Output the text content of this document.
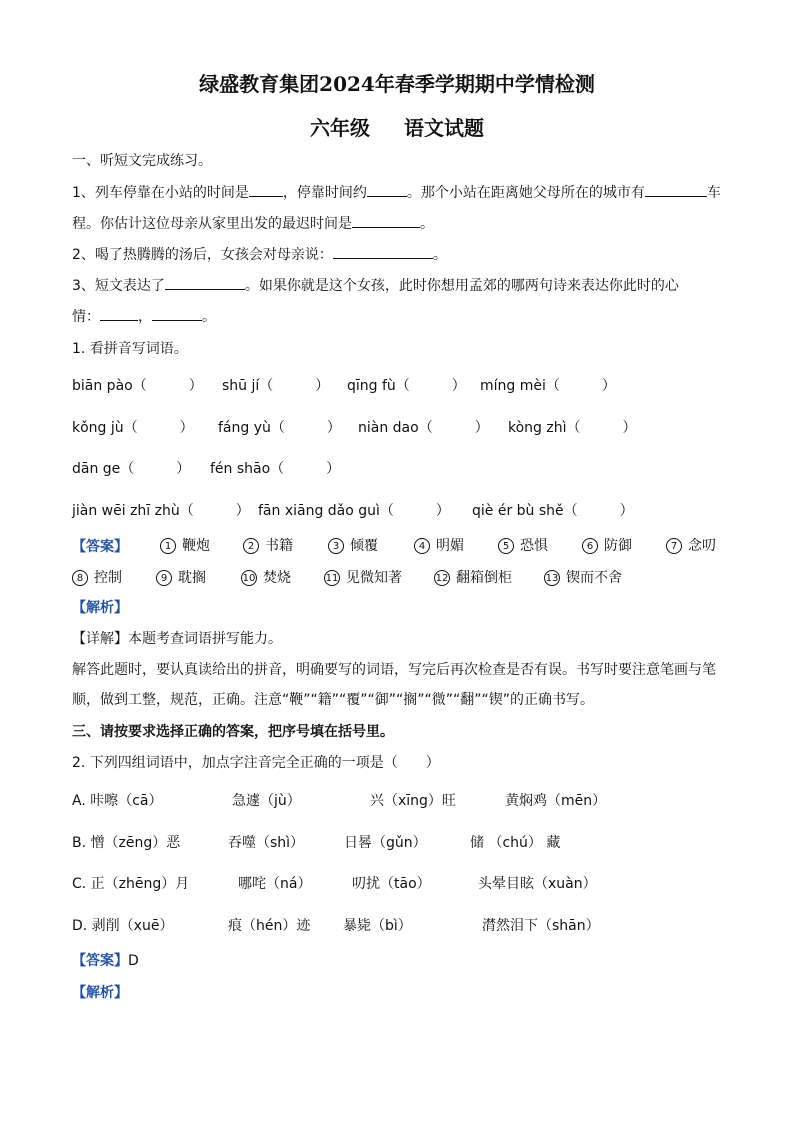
绿盛教育集团2024年春季学期期中学情检测
六年级 语文试题
一、听短文完成练习。
1、列车停靠在小站的时间是 ，停靠时间约	。那个小站在距离她父母所在的城市有	车
程。你估计这位母亲从家里出发的最迟时间是	。
2、喝了热腾腾的汤后，女孩会对母亲说：	。
3、短文表达了	。如果你就是这个女孩，此时你想用孟郊的哪两句诗来表达你此时的心
情：	，	。
1. 看拼音写词语。
biān pào（　　　） shū jí（　　　） qīng fù（　　　） míng mèi（　　　）
kǒng jù（　　　） fáng yù（　　　） niàn dao（　　　） kòng zhì（　　　）
dān ge（　　　） fén shāo（　　　）
jiàn wēi zhī zhù（　　　） fān xiāng dǎo guì（　　　） qiè ér bù shě（　　　）
【答案】	1 鞭炮	2 书籍	3 倾覆	4 明媚	5 恐惧	6 防御	7 念叨
8 控制	9 耽搁	10 焚烧	11 见微知著	12 翻箱倒柜	13 锲而不舍
【解析】
【详解】本题考查词语拼写能力。
解答此题时，要认真读给出的拼音，明确要写的词语，写完后再次检查是否有误。书写时要注意笔画与笔
顺，做到工整，规范，正确。注意“鞭”“籍”“覆”“御”“搁”“微”“翻”“锲”的正确书写。
三、请按要求选择正确的答案，把序号填在括号里。
2. 下列四组词语中，加点字注音完全正确的一项是（　　）
A. 咔嚓（cā）	急遽（jù）	兴（xīng）旺	黄焖鸡（mēn）
B. 憎（zēng）恶	吞噬（shì）	日晷（gǔn）	储 （chú） 藏
C. 正（zhēng）月	哪咤（ná）	叨扰（tāo）	头晕目眩（xuàn）
D. 剥削（xuē）	痕（hén）迹 暴毙（bì）	潸然泪下（shān）
【答案】D
【解析】
